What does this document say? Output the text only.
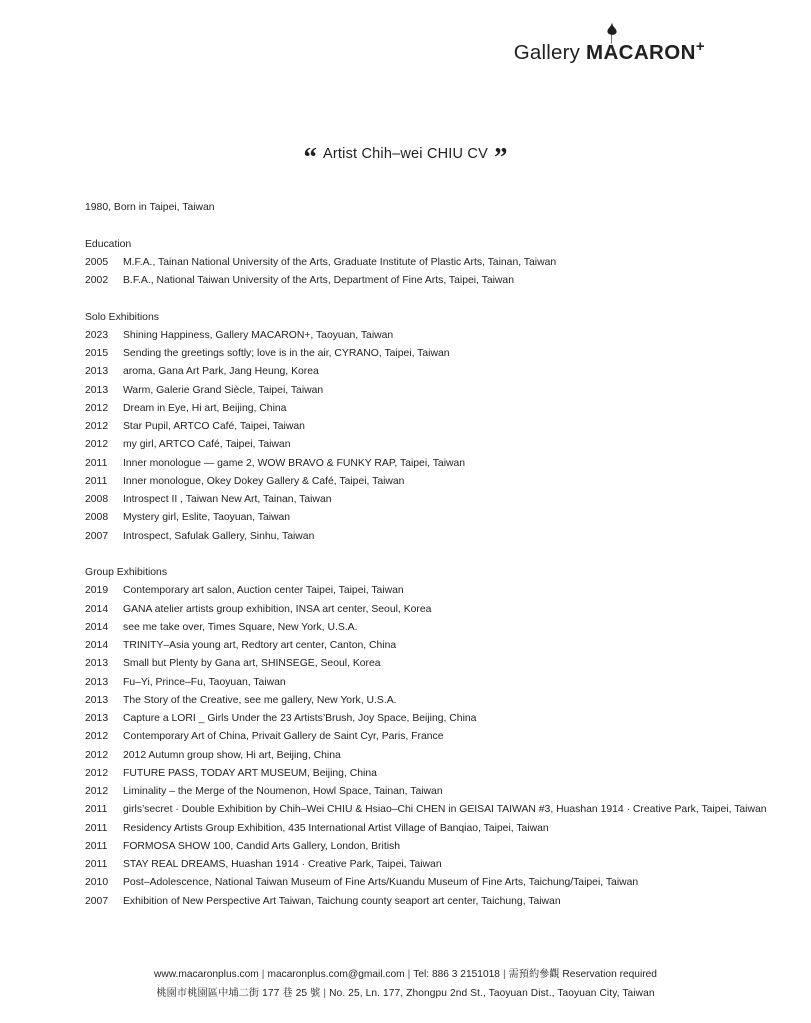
Gallery MACARON+
“ Artist Chih–wei CHIU CV ”
1980, Born in Taipei, Taiwan
Education
2005 M.F.A., Tainan National University of the Arts, Graduate Institute of Plastic Arts, Tainan, Taiwan
2002 B.F.A., National Taiwan University of the Arts, Department of Fine Arts, Taipei, Taiwan
Solo Exhibitions
2023 Shining Happiness, Gallery MACARON+, Taoyuan, Taiwan
2015 Sending the greetings softly; love is in the air, CYRANO, Taipei, Taiwan
2013 aroma, Gana Art Park, Jang Heung, Korea
2013 Warm, Galerie Grand Siècle, Taipei, Taiwan
2012 Dream in Eye, Hi art, Beijing, China
2012 Star Pupil, ARTCO Café, Taipei, Taiwan
2012 my girl, ARTCO Café, Taipei, Taiwan
2011 Inner monologue — game 2, WOW BRAVO & FUNKY RAP, Taipei, Taiwan
2011 Inner monologue, Okey Dokey Gallery & Café, Taipei, Taiwan
2008 Introspect II , Taiwan New Art, Tainan, Taiwan
2008 Mystery girl, Eslite, Taoyuan, Taiwan
2007 Introspect, Safulak Gallery, Sinhu, Taiwan
Group Exhibitions
2019 Contemporary art salon, Auction center Taipei, Taipei, Taiwan
2014 GANA atelier artists group exhibition, INSA art center, Seoul, Korea
2014 see me take over, Times Square, New York, U.S.A.
2014 TRINITY–Asia young art, Redtory art center, Canton, China
2013 Small but Plenty by Gana art, SHINSEGE, Seoul, Korea
2013 Fu–Yi, Prince–Fu, Taoyuan, Taiwan
2013 The Story of the Creative, see me gallery, New York, U.S.A.
2013 Capture a LORI _ Girls Under the 23 Artists’Brush, Joy Space, Beijing, China
2012 Contemporary Art of China, Privait Gallery de Saint Cyr, Paris, France
2012 2012 Autumn group show, Hi art, Beijing, China
2012 FUTURE PASS, TODAY ART MUSEUM, Beijing, China
2012 Liminality – the Merge of the Noumenon, Howl Space, Tainan, Taiwan
2011 girls’secret · Double Exhibition by Chih–Wei CHIU & Hsiao–Chi CHEN in GEISAI TAIWAN #3, Huashan 1914 · Creative Park, Taipei, Taiwan
2011 Residency Artists Group Exhibition, 435 International Artist Village of Banqiao, Taipei, Taiwan
2011 FORMOSA SHOW 100, Candid Arts Gallery, London, British
2011 STAY REAL DREAMS, Huashan 1914 · Creative Park, Taipei, Taiwan
2010 Post–Adolescence, National Taiwan Museum of Fine Arts/Kuandu Museum of Fine Arts, Taichung/Taipei, Taiwan
2007 Exhibition of New Perspective Art Taiwan, Taichung county seaport art center, Taichung, Taiwan
www.macaronplus.com | macaronplus.com@gmail.com | Tel: 886 3 2151018 | 需預約參觀 Reservation required
桃園市桃園區中埔二街 177 巷 25 號 | No. 25, Ln. 177, Zhongpu 2nd St., Taoyuan Dist., Taoyuan City, Taiwan
